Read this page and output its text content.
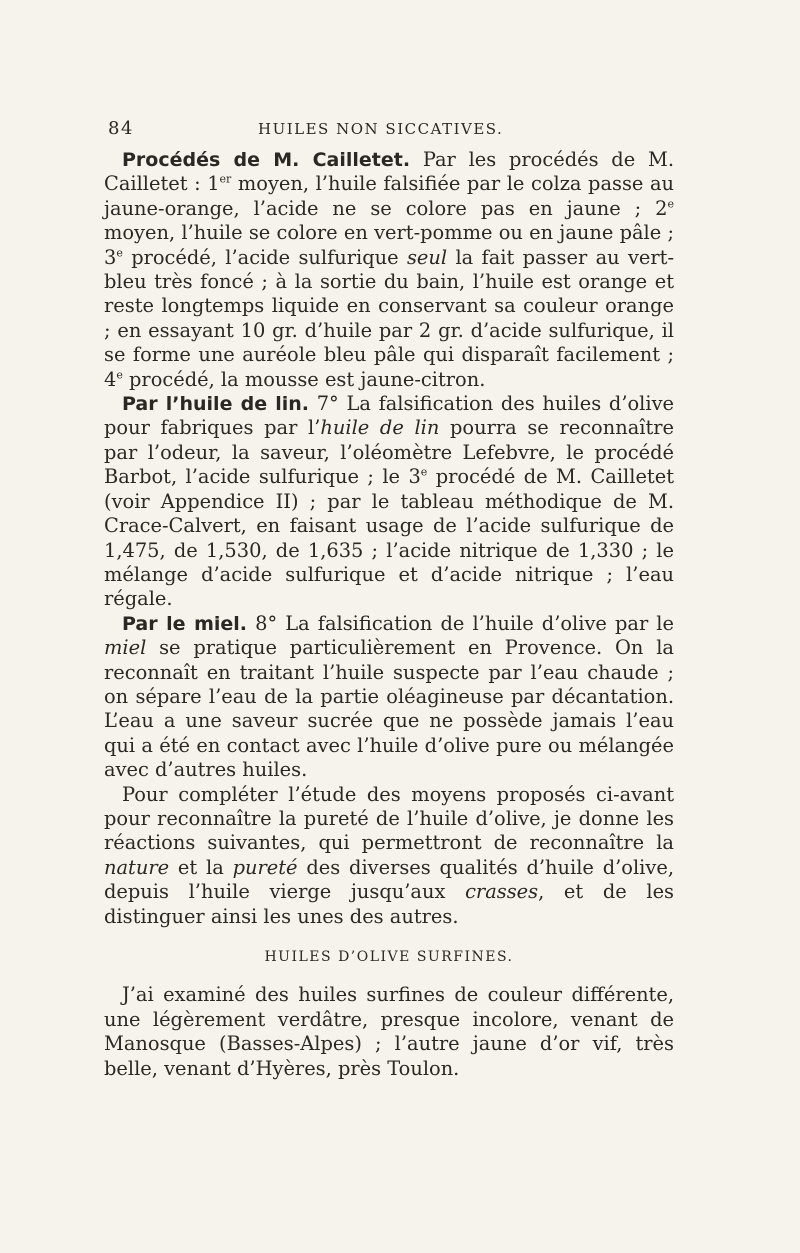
84	HUILES NON SICCATIVES.

Procédés de M. Cailletet. Par les procédés de M. Cailletet : 1er moyen, l’huile falsifiée par le colza passe au jaune-orange, l’acide ne se colore pas en jaune ; 2e moyen, l’huile se colore en vert-pomme ou en jaune pâle ; 3e procédé, l’acide sulfurique seul la fait passer au vert-bleu très foncé ; à la sortie du bain, l’huile est orange et reste longtemps liquide en conservant sa couleur orange ; en essayant 10 gr. d’huile par 2 gr. d’acide sulfurique, il se forme une auréole bleu pâle qui disparaît facilement ; 4e procédé, la mousse est jaune-citron.

Par l’huile de lin. 7° La falsification des huiles d’olive pour fabriques par l’huile de lin pourra se reconnaître par l’odeur, la saveur, l’oléomètre Lefebvre, le procédé Barbot, l’acide sulfurique ; le 3e procédé de M. Cailletet (voir Appendice II) ; par le tableau méthodique de M. Crace-Calvert, en faisant usage de l’acide sulfurique de 1,475, de 1,530, de 1,635 ; l’acide nitrique de 1,330 ; le mélange d’acide sulfurique et d’acide nitrique ; l’eau régale.

Par le miel. 8° La falsification de l’huile d’olive par le miel se pratique particulièrement en Provence. On la reconnaît en traitant l’huile suspecte par l’eau chaude ; on sépare l’eau de la partie oléagineuse par décantation. L’eau a une saveur sucrée que ne possède jamais l’eau qui a été en contact avec l’huile d’olive pure ou mélangée avec d’autres huiles.

Pour compléter l’étude des moyens proposés ci-avant pour reconnaître la pureté de l’huile d’olive, je donne les réactions suivantes, qui permettront de reconnaître la nature et la pureté des diverses qualités d’huile d’olive, depuis l’huile vierge jusqu’aux crasses, et de les distinguer ainsi les unes des autres.

HUILES D’OLIVE SURFINES.

J’ai examiné des huiles surfines de couleur différente, une légèrement verdâtre, presque incolore, venant de Manosque (Basses-Alpes) ; l’autre jaune d’or vif, très belle, venant d’Hyères, près Toulon.
